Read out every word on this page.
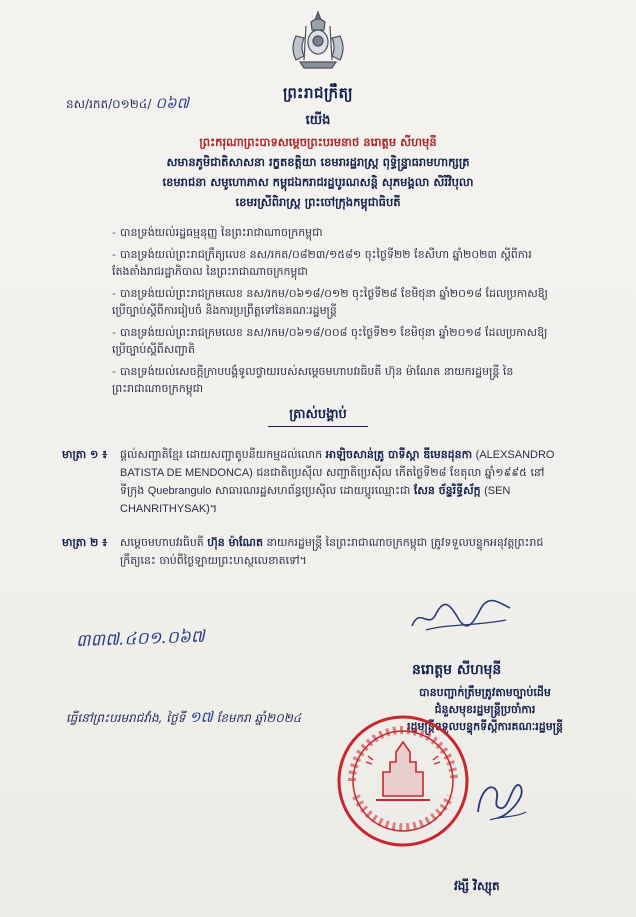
នស/រកត/០១២៤/ ០៦៧
ព្រះរាជក្រឹត្យ
យើង
ព្រះករុណាព្រះបាទសម្ដេចព្រះបរមនាថ នរោត្តម សីហមុនី
សមានភូមិជាតិសាសនា រក្ខតខត្តិយា ខេមរារដ្ឋរាស្ត្រ ពុទ្ធិន្ទ្រាធរាមហាក្សត្រ
ខេមរាជនា សមូហោភាស កម្ពុជឯករាជរដ្ឋបូរណសន្តិ សុភមង្គលា សិរីវិបុលា
ខេមរស្រីពិរាស្ត្រ ព្រះចៅក្រុងកម្ពុជាធិបតី
- បានទ្រង់យល់រដ្ឋធម្មនុញ្ញ នៃព្រះរាជាណាចក្រកម្ពុជា
- បានទ្រង់យល់ព្រះរាជក្រឹត្យលេខ នស/រកត/០៨២៣/១៥៨១ ចុះថ្ងៃទី២២ ខែសីហា ឆ្នាំ២០២៣ ស្ដីពីការតែងតាំងរាជរដ្ឋាភិបាល នៃព្រះរាជាណាចក្រកម្ពុជា
- បានទ្រង់យល់ព្រះរាជក្រមលេខ នស/រកម/០៦១៨/០១២ ចុះថ្ងៃទី២៨ ខែមិថុនា ឆ្នាំ២០១៨ ដែលប្រកាសឱ្យប្រើច្បាប់ស្ដីពីការរៀបចំ និងការប្រព្រឹត្តទៅនៃគណៈរដ្ឋមន្ត្រី
- បានទ្រង់យល់ព្រះរាជក្រមលេខ នស/រកម/០៦១៨/០០៨ ចុះថ្ងៃទី២១ ខែមិថុនា ឆ្នាំ២០១៨ ដែលប្រកាសឱ្យប្រើច្បាប់ស្ដីពីសញ្ជាតិ
- បានទ្រង់យល់សេចក្ដីក្រាបបង្គំទូលថ្វាយរបស់សម្ដេចមហាបវរធិបតី ហ៊ុន ម៉ាណែត នាយករដ្ឋមន្ត្រី នៃព្រះរាជាណាចក្រកម្ពុជា
ត្រាស់បង្គាប់
មាត្រា ១ ៖	ផ្ដល់សញ្ជាតិខ្មែរ ដោយសញ្ជាតូបនីយកម្មដល់លោក អាឡិចសាន់ត្រូ បាទីស្តា ឌីមេនដុនកា (ALEXSANDRO BATISTA DE MENDONCA) ជនជាតិប្រេស៊ីល សញ្ជាតិប្រេស៊ីល កើតថ្ងៃទី២៨ ខែតុលា ឆ្នាំ១៩៩៥ នៅទីក្រុង Quebrangulo សាធារណរដ្ឋសហព័ន្ធប្រេស៊ីល ដោយប្ដូរឈ្មោះជា សែន ច័ន្ទរិទ្ធីស័ក្ក (SEN CHANRITHYSAK)។
មាត្រា ២ ៖	សម្ដេចមហាបវរធិបតី ហ៊ុន ម៉ាណែត នាយករដ្ឋមន្ត្រី នៃព្រះរាជាណាចក្រកម្ពុជា ត្រូវទទួលបន្ទុកអនុវត្តព្រះរាជក្រឹត្យនេះ ចាប់ពីថ្ងៃឡាយព្រះហស្ថលេខាតទៅ។
៣៣៧.៤០១.០៦៧
នរោត្តម សីហមុនី
បានបញ្ជាក់ត្រឹមត្រូវតាមច្បាប់ដើម
ជំនួសមុខរដ្ឋមន្ត្រីប្រចាំការ
រដ្ឋមន្ត្រីទទួលបន្ទុកទីស្ដីការគណៈរដ្ឋមន្ត្រី
ធ្វើនៅព្រះបរមរាជវាំង, ថ្ងៃទី ១៧ ខែមករា ឆ្នាំ២០២៤
វង្សី វិស្សុត
